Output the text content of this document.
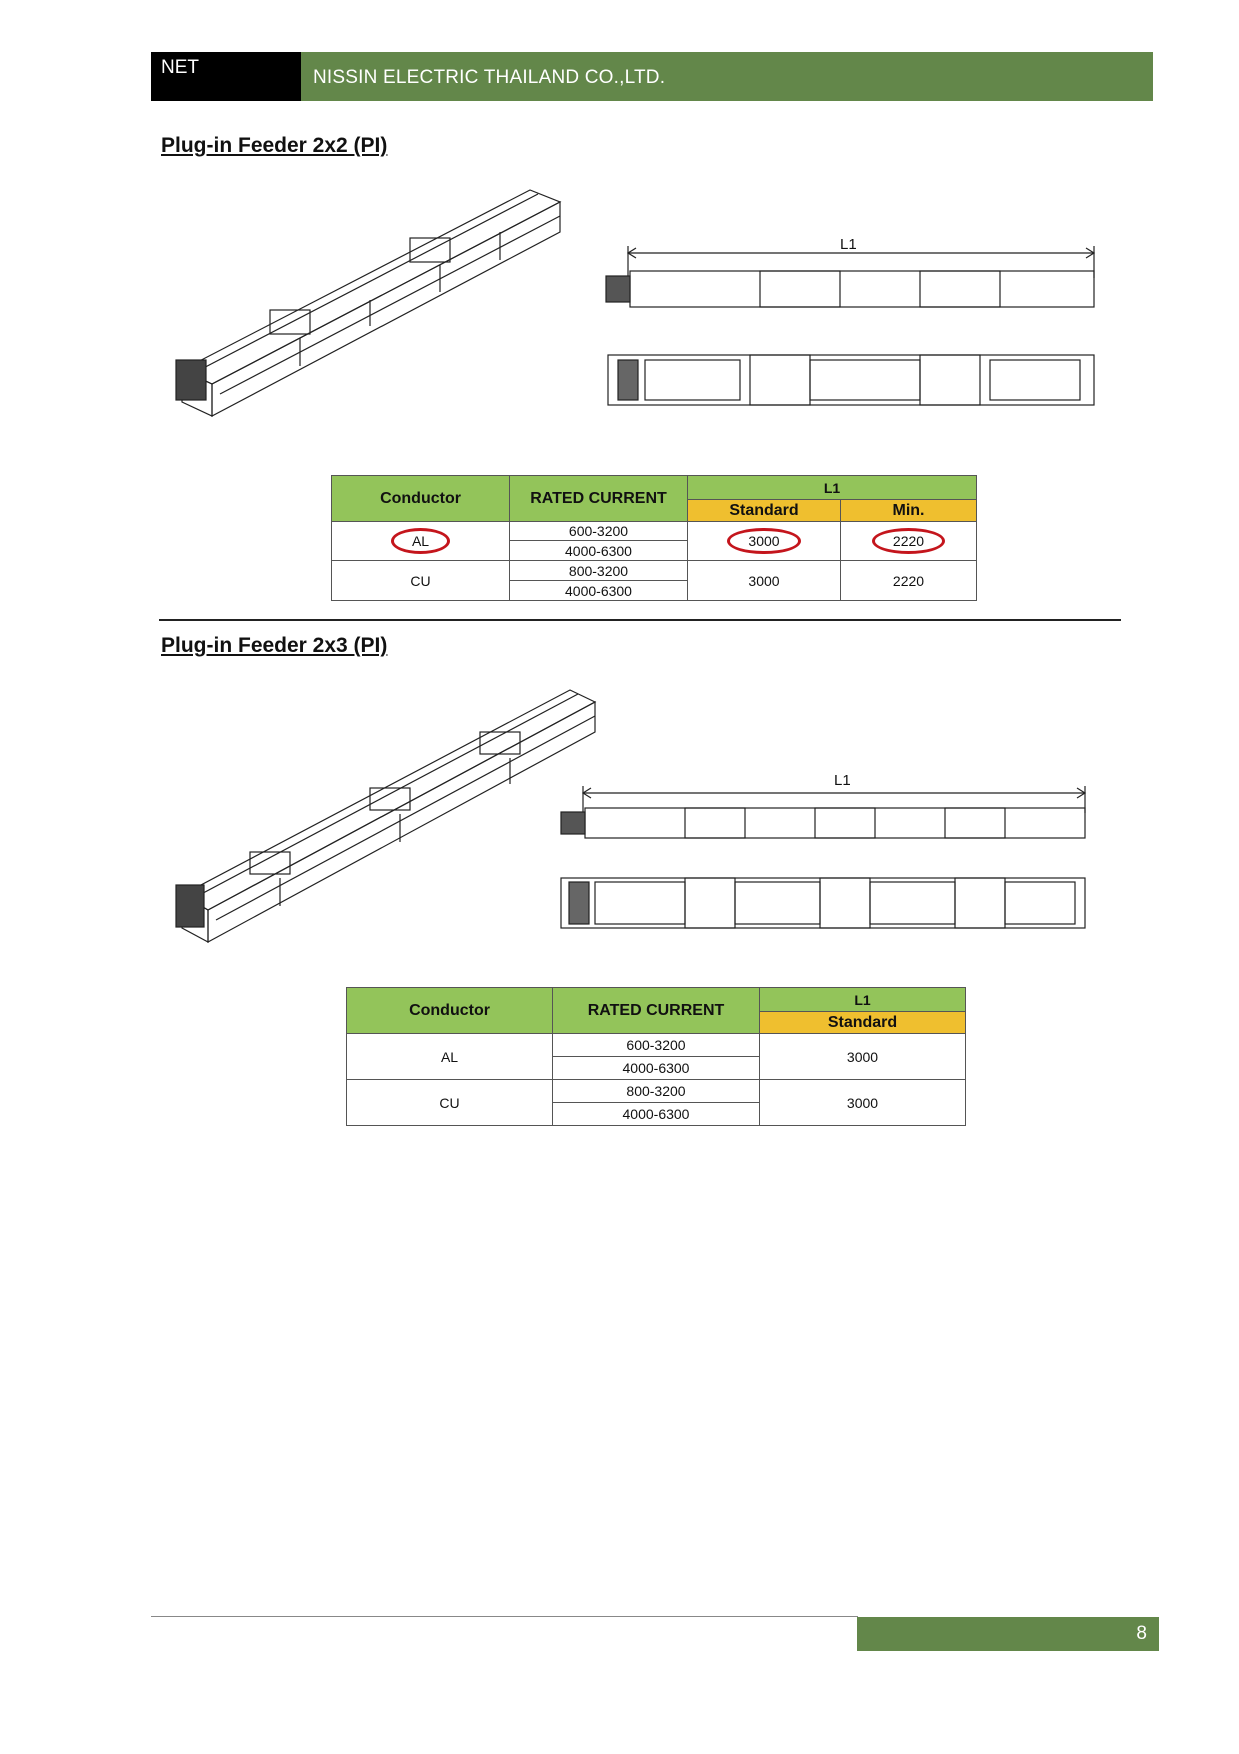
NET	NISSIN ELECTRIC THAILAND CO.,LTD.
Plug-in Feeder 2x2 (PI)
L1
Conductor	RATED CURRENT	L1	
		Standard	Min.
AL	600-3200	3000	2220
	4000-6300		
CU	800-3200	3000	2220
	4000-6300		
Plug-in Feeder 2x3 (PI)
L1
Conductor	RATED CURRENT	L1
		Standard
AL	600-3200	3000
	4000-6300	
CU	800-3200	3000
	4000-6300	
8
